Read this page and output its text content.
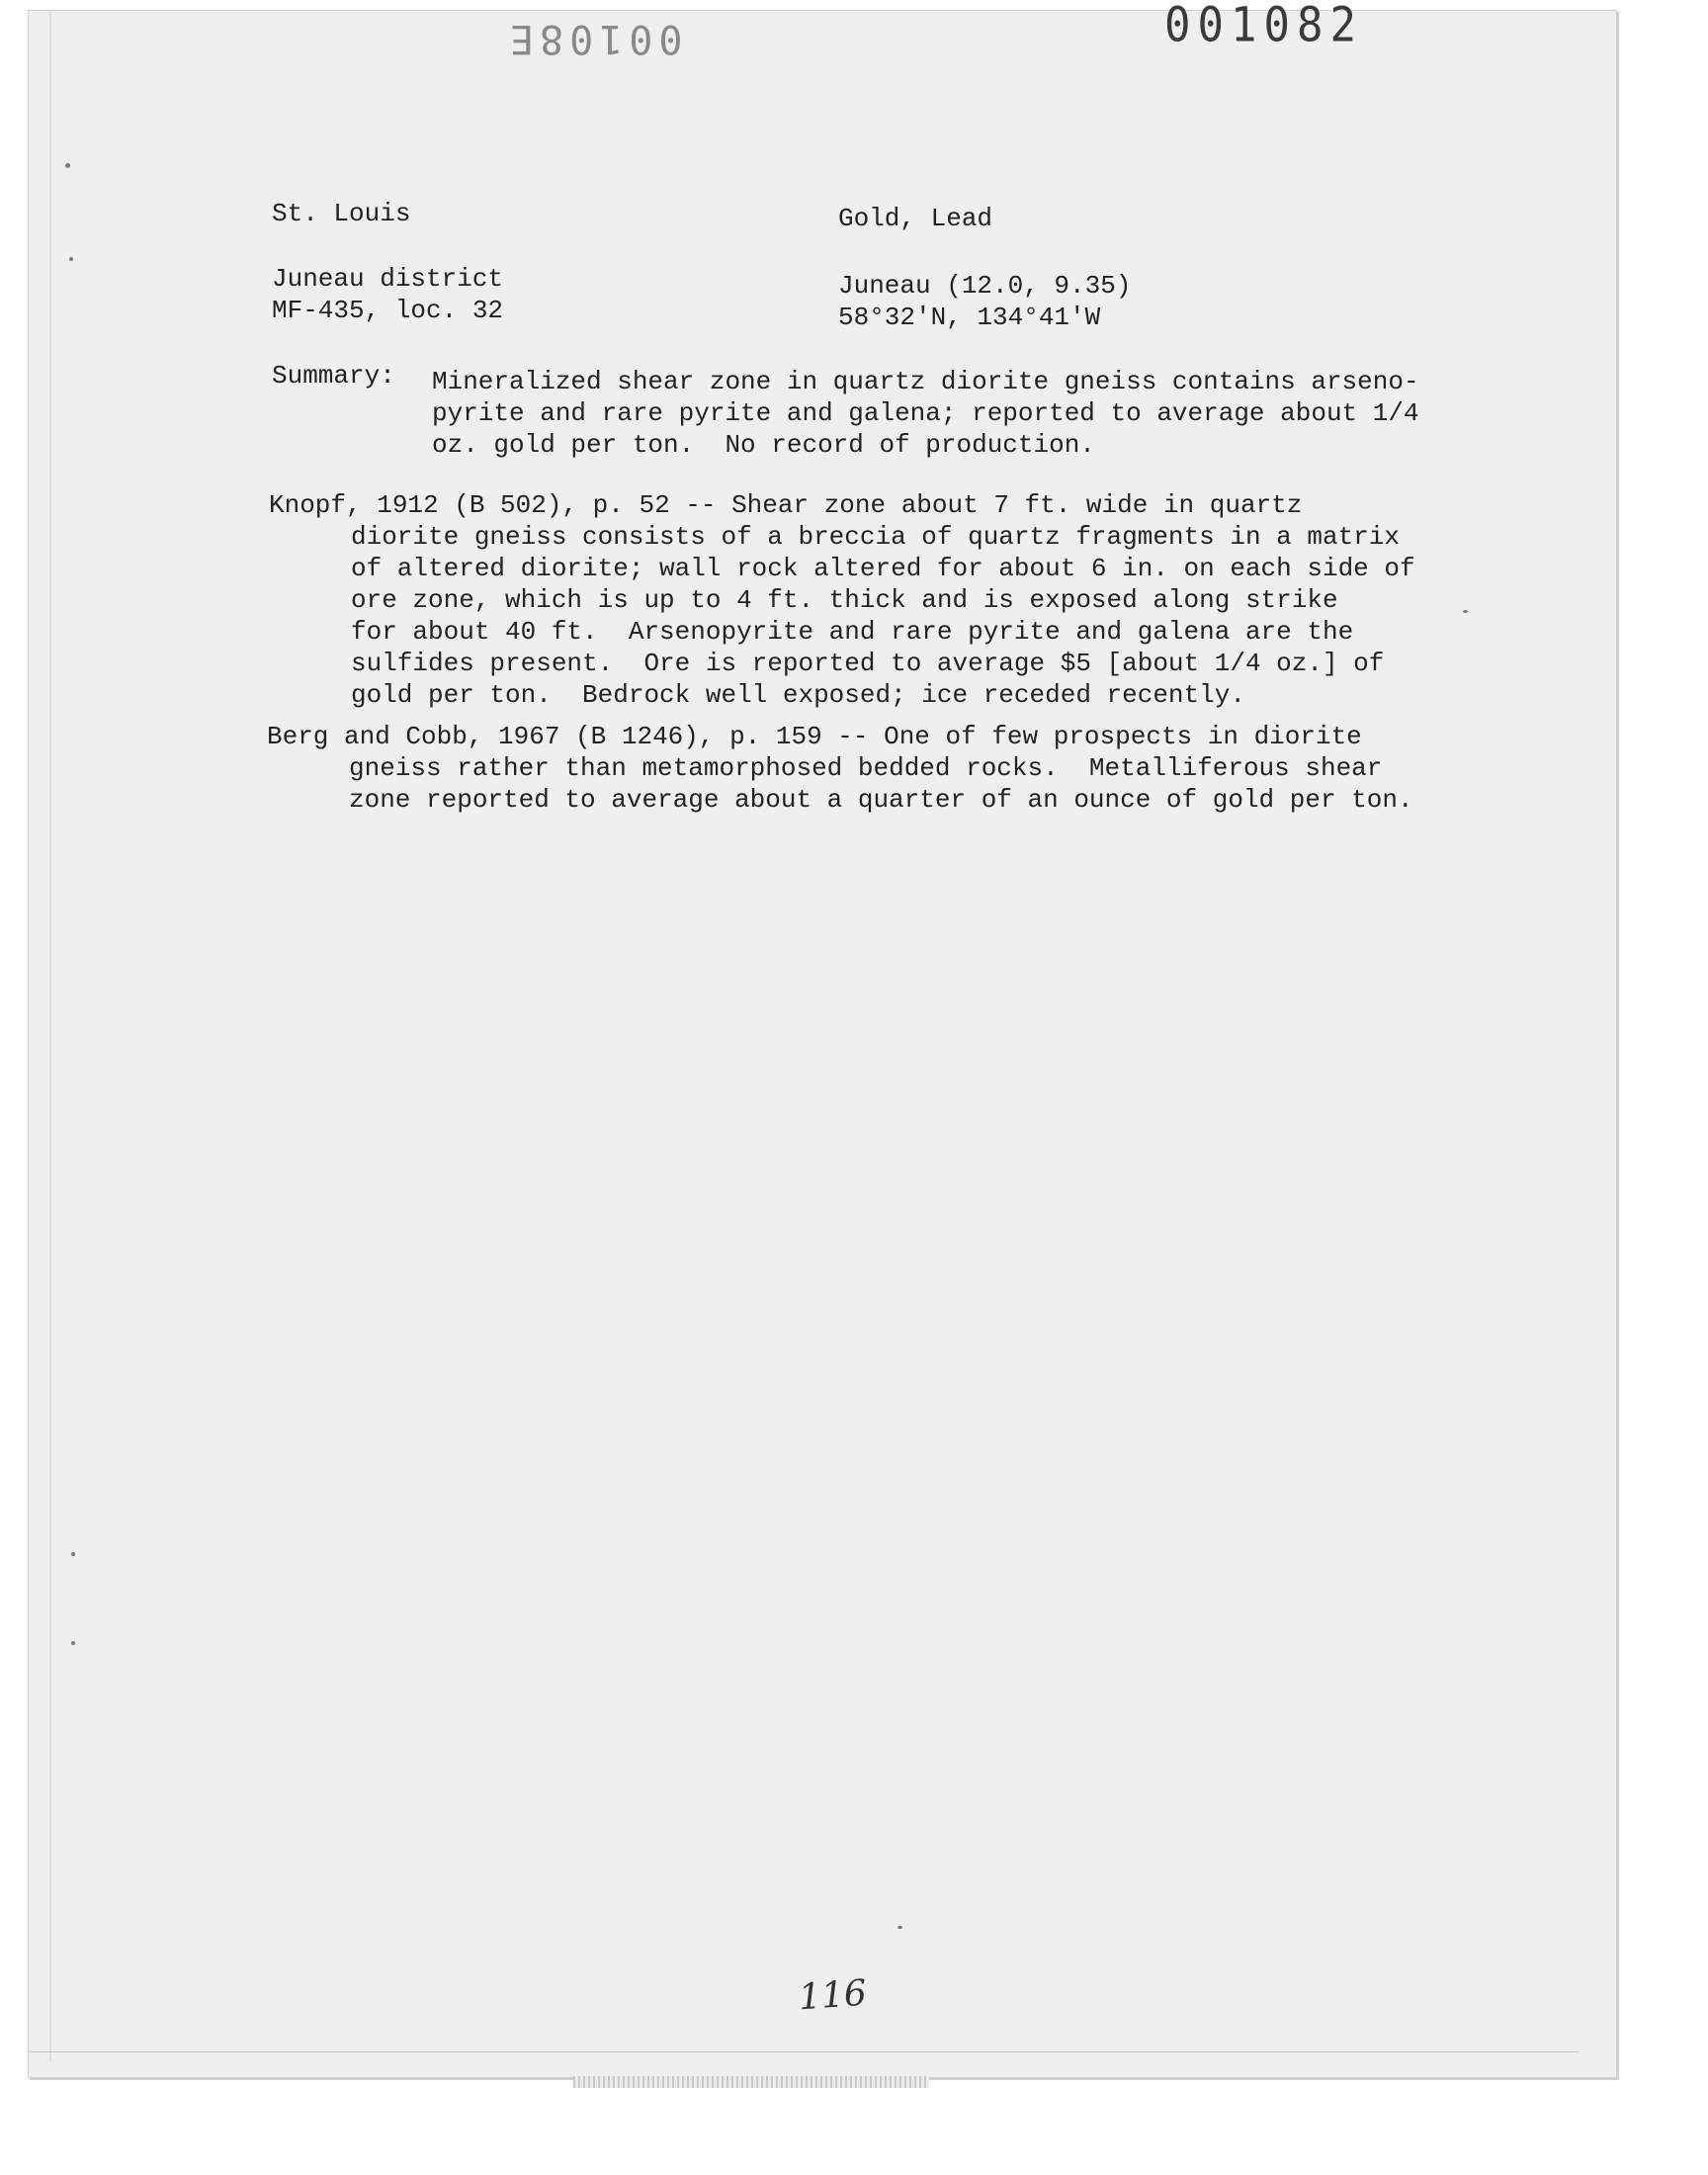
00108E	001082
St. Louis	Gold, Lead
Juneau district
MF-435, loc. 32
Juneau (12.0, 9.35)
58°32'N, 134°41'W
Summary: Mineralized shear zone in quartz diorite gneiss contains arseno-
pyrite and rare pyrite and galena; reported to average about 1/4
oz. gold per ton.  No record of production.
Knopf, 1912 (B 502), p. 52 -- Shear zone about 7 ft. wide in quartz
diorite gneiss consists of a breccia of quartz fragments in a matrix
of altered diorite; wall rock altered for about 6 in. on each side of
ore zone, which is up to 4 ft. thick and is exposed along strike
for about 40 ft.  Arsenopyrite and rare pyrite and galena are the
sulfides present.  Ore is reported to average $5 [about 1/4 oz.] of
gold per ton.  Bedrock well exposed; ice receded recently.
Berg and Cobb, 1967 (B 1246), p. 159 -- One of few prospects in diorite
gneiss rather than metamorphosed bedded rocks.  Metalliferous shear
zone reported to average about a quarter of an ounce of gold per ton.
116
